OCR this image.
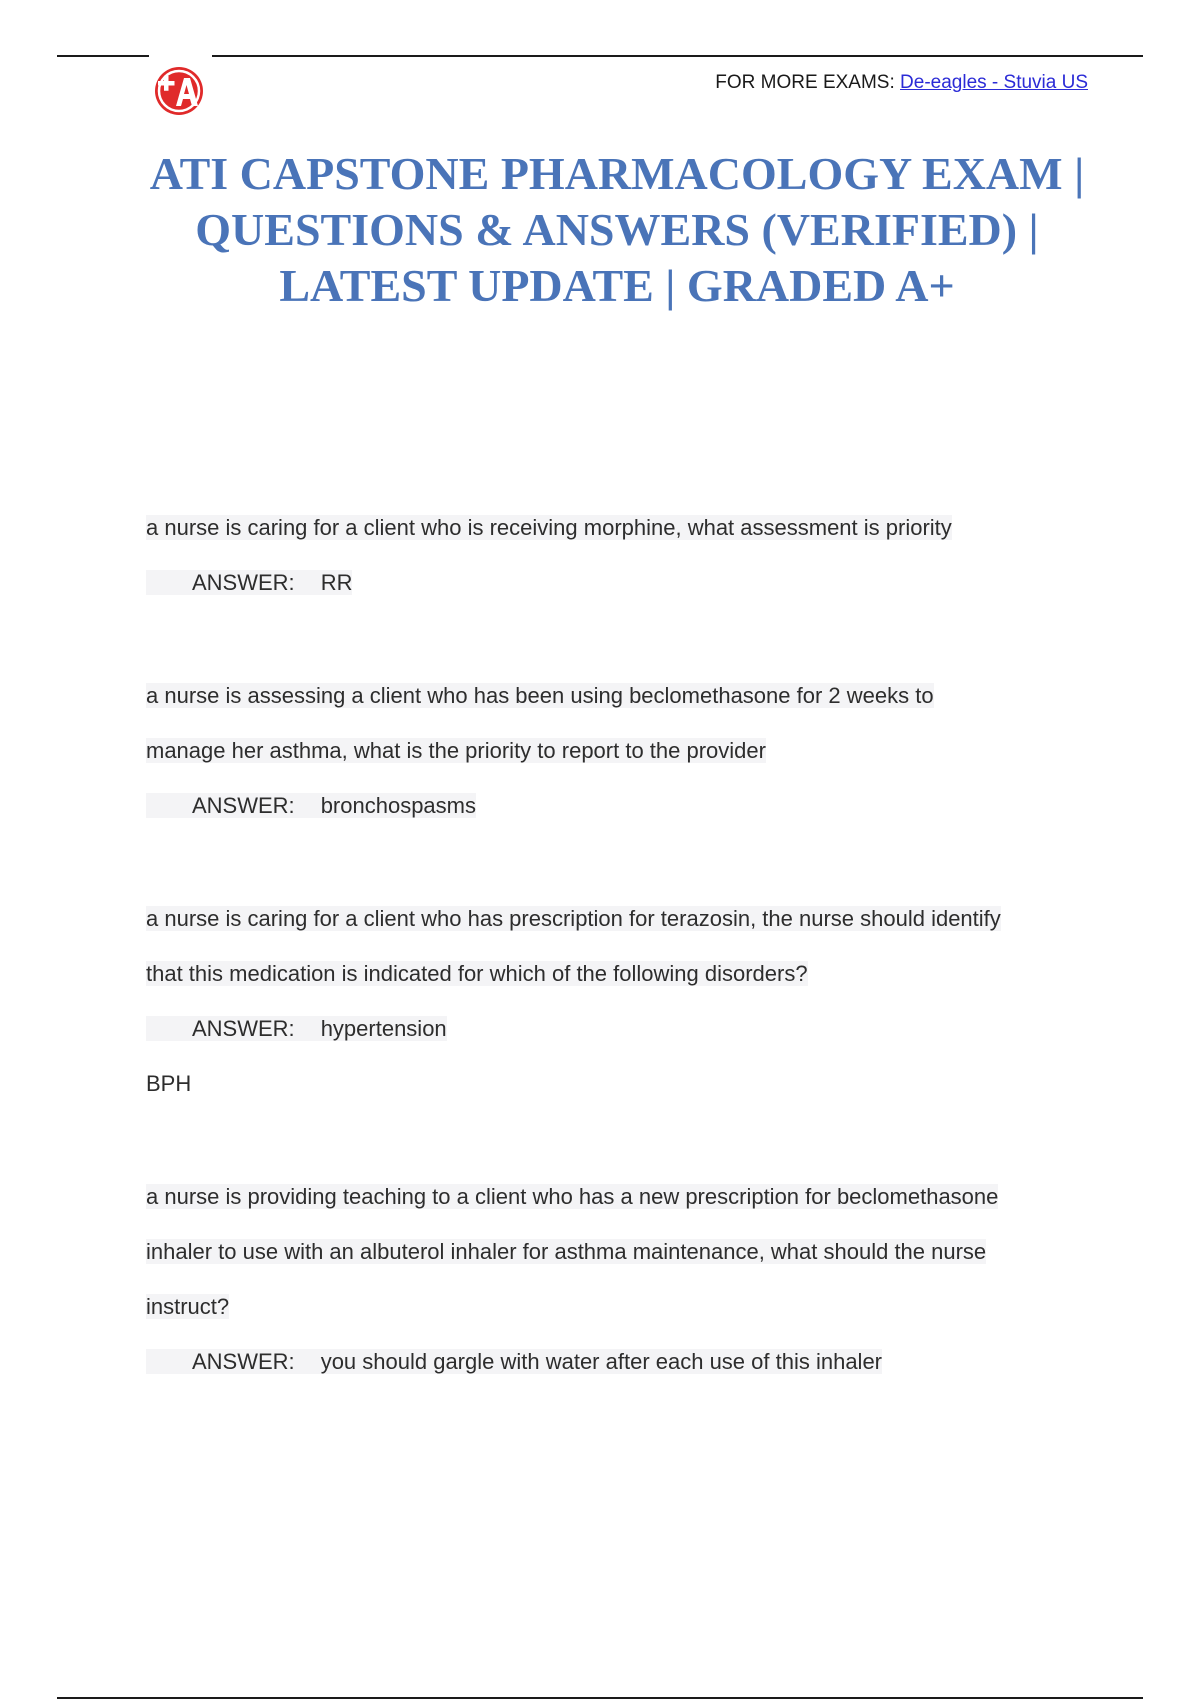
FOR MORE EXAMS: De-eagles - Stuvia US
ATI CAPSTONE PHARMACOLOGY EXAM | QUESTIONS & ANSWERS (VERIFIED) | LATEST UPDATE | GRADED A+

a nurse is caring for a client who is receiving morphine, what assessment is priority

ANSWER: RR

a nurse is assessing a client who has been using beclomethasone for 2 weeks to

manage her asthma, what is the priority to report to the provider

ANSWER: bronchospasms

a nurse is caring for a client who has prescription for terazosin, the nurse should identify

that this medication is indicated for which of the following disorders?

ANSWER: hypertension

BPH

a nurse is providing teaching to a client who has a new prescription for beclomethasone

inhaler to use with an albuterol inhaler for asthma maintenance, what should the nurse

instruct?

ANSWER: you should gargle with water after each use of this inhaler
